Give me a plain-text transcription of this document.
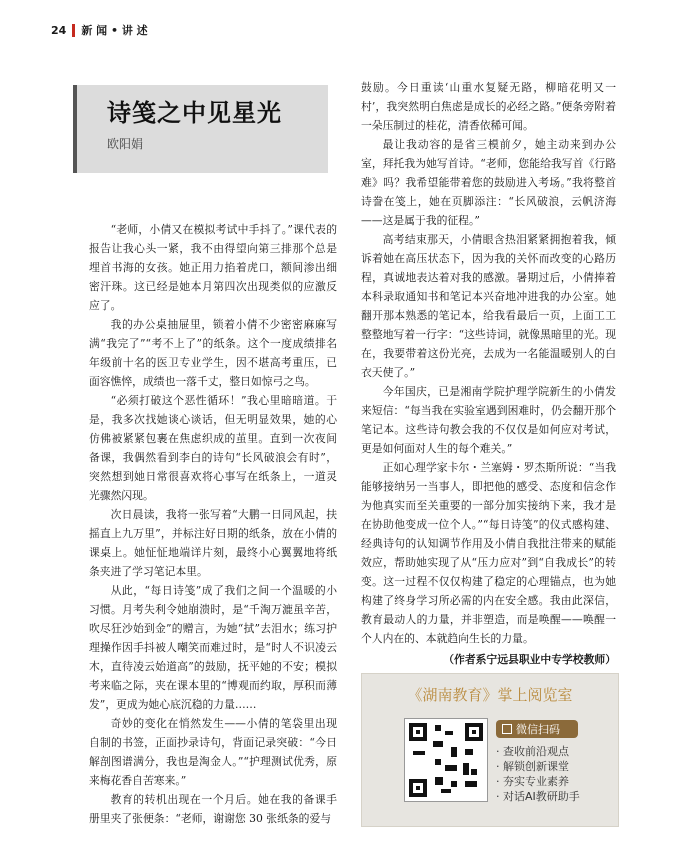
24 新 闻 • 讲 述
诗笺之中见星光
欧阳娟

“老师，小倩又在模拟考试中手抖了。”课代表的报告让我心头一紧，我不由得望向第三排那个总是埋首书海的女孩。她正用力掐着虎口，额间渗出细密汗珠。这已经是她本月第四次出现类似的应激反应了。

我的办公桌抽屉里，锁着小倩不少密密麻麻写满“我完了”“考不上了”的纸条。这个一度成绩排名年级前十名的医卫专业学生，因不堪高考重压，已面容憔悴，成绩也一落千丈，整日如惊弓之鸟。

“必须打破这个恶性循环！”我心里暗暗道。于是，我多次找她谈心谈话，但无明显效果，她的心仿佛被紧紧包裹在焦虑织成的茧里。直到一次夜间备课，我偶然看到李白的诗句“长风破浪会有时”，突然想到她日常很喜欢将心事写在纸条上，一道灵光骤然闪现。

次日晨读，我将一张写着“大鹏一日同风起，扶摇直上九万里”，并标注好日期的纸条，放在小倩的课桌上。她怔怔地端详片刻，最终小心翼翼地将纸条夹进了学习笔记本里。

从此，“每日诗笺”成了我们之间一个温暖的小习惯。月考失利令她崩溃时，是“千淘万漉虽辛苦，吹尽狂沙始到金”的赠言，为她“拭”去泪水；练习护理操作因手抖被人嘲笑而难过时，是“时人不识凌云木，直待凌云始道高”的鼓励，抚平她的不安；模拟考来临之际，夹在课本里的“博观而约取，厚积而薄发”，更成为她心底沉稳的力量……

奇妙的变化在悄然发生——小倩的笔袋里出现自制的书签，正面抄录诗句，背面记录突破：“今日解剖图谱满分，我也是淘金人。”“护理测试优秀，原来梅花香自苦寒来。”

教育的转机出现在一个月后。她在我的备课手册里夹了张便条：“老师，谢谢您 30 张纸条的爱与

鼓励。今日重读‘山重水复疑无路，柳暗花明又一村’，我突然明白焦虑是成长的必经之路。”便条旁附着一朵压制过的桂花，清香依稀可闻。

最让我动容的是省三模前夕，她主动来到办公室，拜托我为她写首诗。“老师，您能给我写首《行路难》吗？我希望能带着您的鼓励进入考场。”我将整首诗誊在笺上，她在页脚添注：“长风破浪，云帆济海——这是属于我的征程。”

高考结束那天，小倩眼含热泪紧紧拥抱着我，倾诉着她在高压状态下，因为我的关怀而改变的心路历程，真诚地表达着对我的感激。暑期过后，小倩捧着本科录取通知书和笔记本兴奋地冲进我的办公室。她翻开那本熟悉的笔记本，给我看最后一页，上面工工整整地写着一行字：“这些诗词，就像黑暗里的光。现在，我要带着这份光亮，去成为一名能温暖别人的白衣天使了。”

今年国庆，已是湘南学院护理学院新生的小倩发来短信：“每当我在实验室遇到困难时，仍会翻开那个笔记本。这些诗句教会我的不仅仅是如何应对考试，更是如何面对人生的每个难关。”

正如心理学家卡尔・兰塞姆・罗杰斯所说：“当我能够接纳另一当事人，即把他的感受、态度和信念作为他真实而至关重要的一部分加实接纳下来，我才是在协助他变成一位个人。”“每日诗笺”的仪式感构建、经典诗句的认知调节作用及小倩自我批注带来的赋能效应，帮助她实现了从“压力应对”到“自我成长”的转变。这一过程不仅仅构建了稳定的心理锚点，也为她构建了终身学习所必需的内在安全感。我由此深信，教育最动人的力量，并非塑造，而是唤醒——唤醒一个人内在的、本就趋向生长的力量。

（作者系宁远县职业中专学校教师）

《湖南教育》掌上阅览室
微信扫码
· 查收前沿观点
· 解锁创新课堂
· 夯实专业素养
· 对话AI教研助手
